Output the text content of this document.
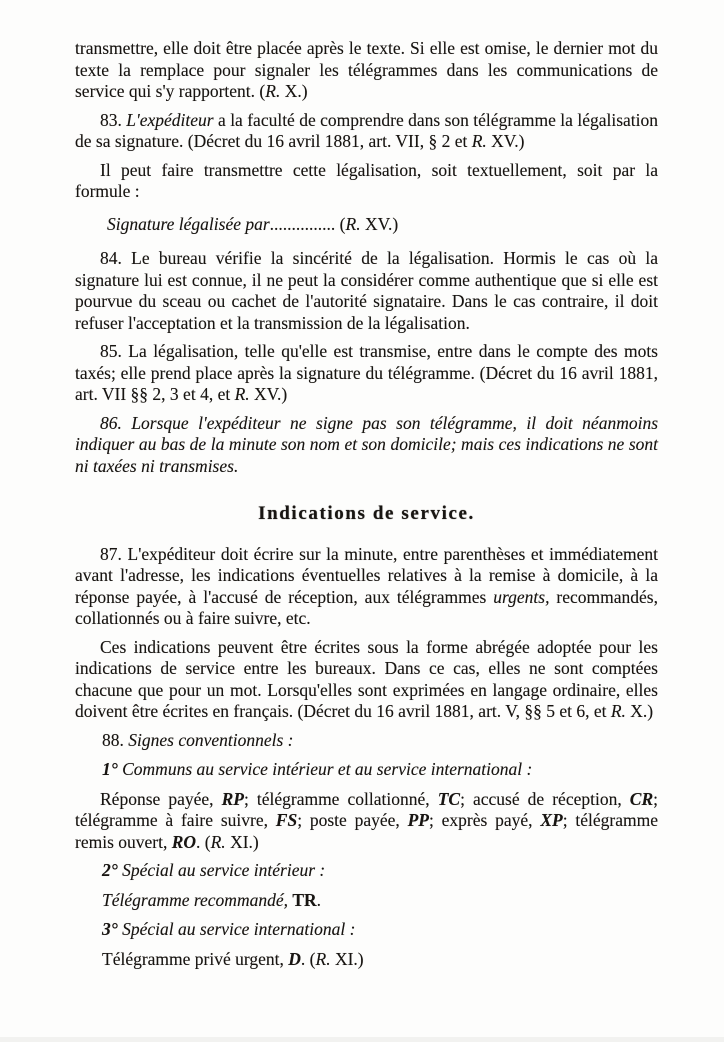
transmettre, elle doit être placée après le texte. Si elle est omise, le dernier mot du texte la remplace pour signaler les télégrammes dans les communications de service qui s'y rapportent. (R. X.)

83. L'expéditeur a la faculté de comprendre dans son télégramme la légalisation de sa signature. (Décret du 16 avril 1881, art. VII, § 2 et R. XV.)

Il peut faire transmettre cette légalisation, soit textuellement, soit par la formule :

Signature légalisée par............... (R. XV.)

84. Le bureau vérifie la sincérité de la légalisation. Hormis le cas où la signature lui est connue, il ne peut la considérer comme authentique que si elle est pourvue du sceau ou cachet de l'autorité signataire. Dans le cas contraire, il doit refuser l'acceptation et la transmission de la légalisation.

85. La légalisation, telle qu'elle est transmise, entre dans le compte des mots taxés; elle prend place après la signature du télégramme. (Décret du 16 avril 1881, art. VII §§ 2, 3 et 4, et R. XV.)

86. Lorsque l'expéditeur ne signe pas son télégramme, il doit néanmoins indiquer au bas de la minute son nom et son domicile; mais ces indications ne sont ni taxées ni transmises.

Indications de service.

87. L'expéditeur doit écrire sur la minute, entre parenthèses et immédiatement avant l'adresse, les indications éventuelles relatives à la remise à domicile, à la réponse payée, à l'accusé de réception, aux télégrammes urgents, recommandés, collationnés ou à faire suivre, etc.

Ces indications peuvent être écrites sous la forme abrégée adoptée pour les indications de service entre les bureaux. Dans ce cas, elles ne sont comptées chacune que pour un mot. Lorsqu'elles sont exprimées en langage ordinaire, elles doivent être écrites en français. (Décret du 16 avril 1881, art. V, §§ 5 et 6, et R. X.)

88. Signes conventionnels :

1° Communs au service intérieur et au service international :

Réponse payée, RP; télégramme collationné, TC; accusé de réception, CR; télégramme à faire suivre, FS; poste payée, PP; exprès payé, XP; télégramme remis ouvert, RO. (R. XI.)

2° Spécial au service intérieur :

Télégramme recommandé, TR.

3° Spécial au service international :

Télégramme privé urgent, D. (R. XI.)
